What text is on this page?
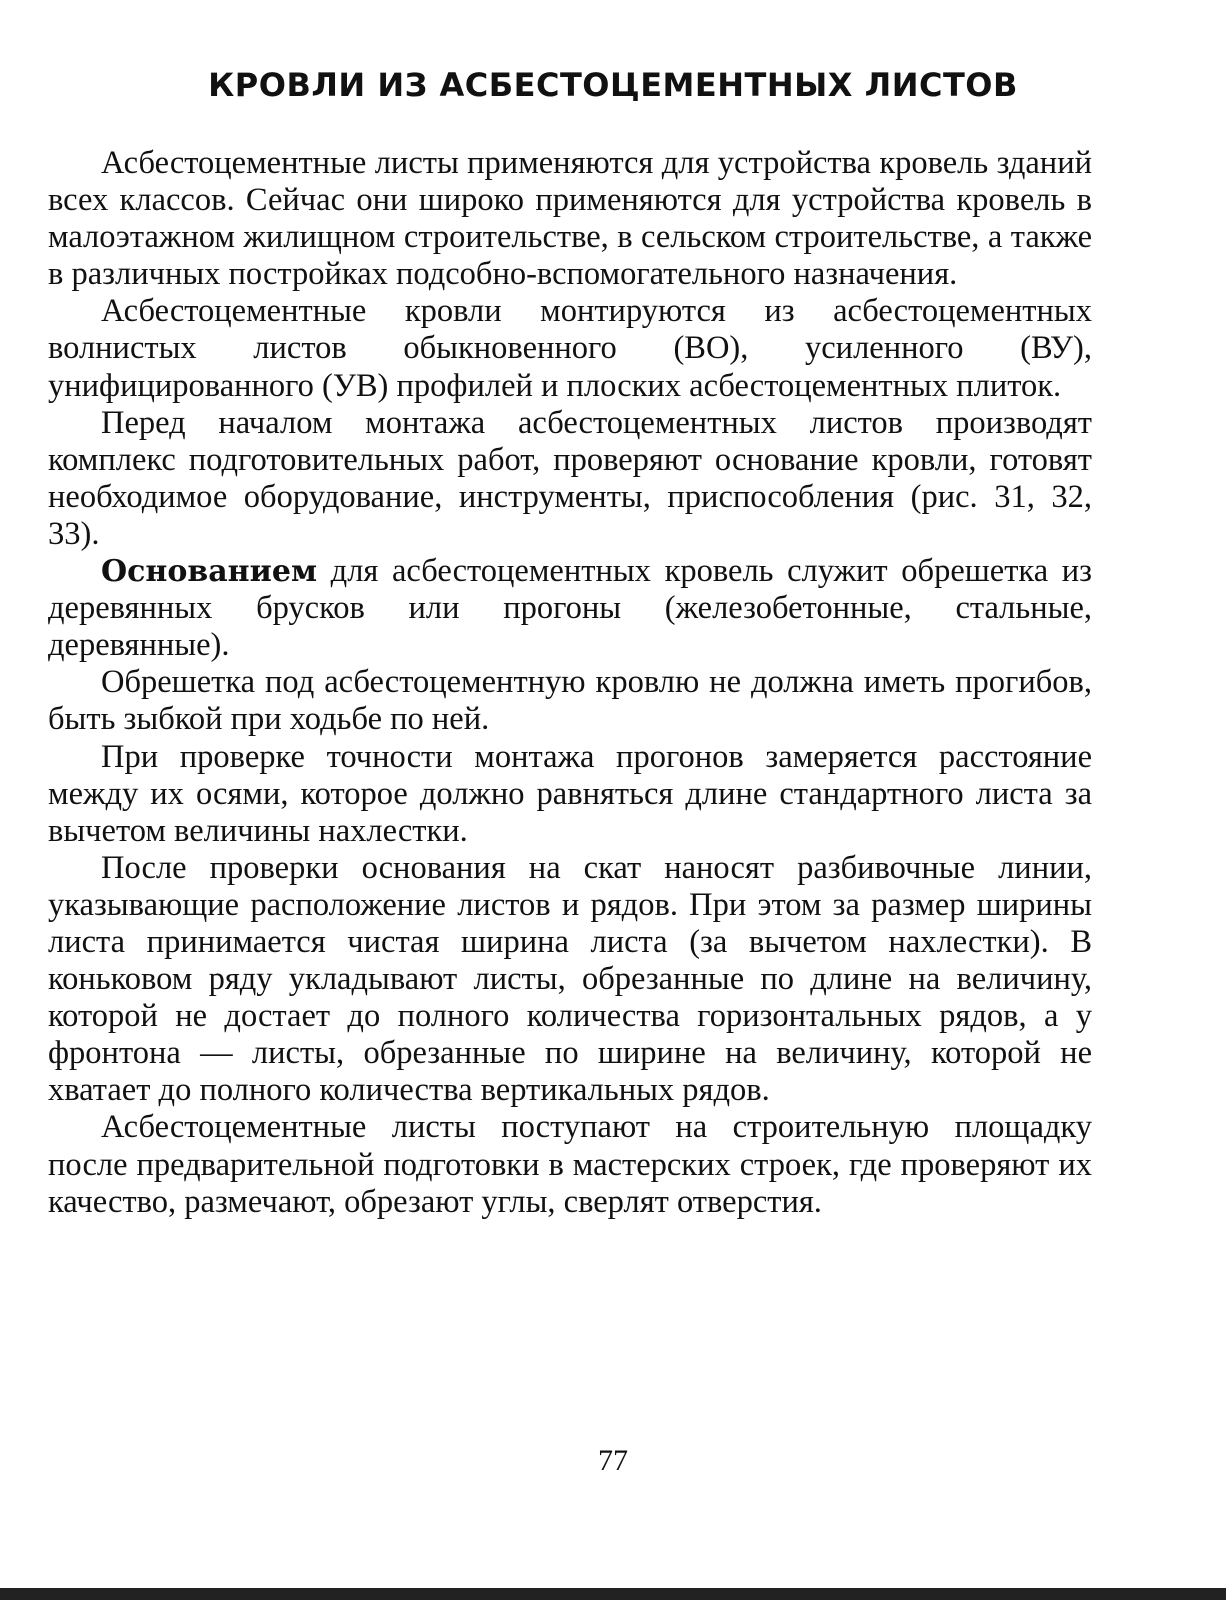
КРОВЛИ ИЗ АСБЕСТОЦЕМЕНТНЫХ ЛИСТОВ

Асбестоцементные листы применяются для устройства кровель зданий всех классов. Сейчас они широко применяются для устройства кровель в малоэтажном жилищном строительстве, в сельском строительстве, а также в различных постройках подсобно-вспомогательного назначения.

Асбестоцементные кровли монтируются из асбестоцементных волнистых листов обыкновенного (ВО), усиленного (ВУ), унифицированного (УВ) профилей и плоских асбестоцементных плиток.

Перед началом монтажа асбестоцементных листов производят комплекс подготовительных работ, проверяют основание кровли, готовят необходимое оборудование, инструменты, приспособления (рис. 31, 32, 33).

Основанием для асбестоцементных кровель служит обрешетка из деревянных брусков или прогоны (железобетонные, стальные, деревянные).

Обрешетка под асбестоцементную кровлю не должна иметь прогибов, быть зыбкой при ходьбе по ней.

При проверке точности монтажа прогонов замеряется расстояние между их осями, которое должно равняться длине стандартного листа за вычетом величины нахлестки.

После проверки основания на скат наносят разбивочные линии, указывающие расположение листов и рядов. При этом за размер ширины листа принимается чистая ширина листа (за вычетом нахлестки). В коньковом ряду укладывают листы, обрезанные по длине на величину, которой не достает до полного количества горизонтальных рядов, а у фронтона — листы, обрезанные по ширине на величину, которой не хватает до полного количества вертикальных рядов.

Асбестоцементные листы поступают на строительную площадку после предварительной подготовки в мастерских строек, где проверяют их качество, размечают, обрезают углы, сверлят отверстия.

77
